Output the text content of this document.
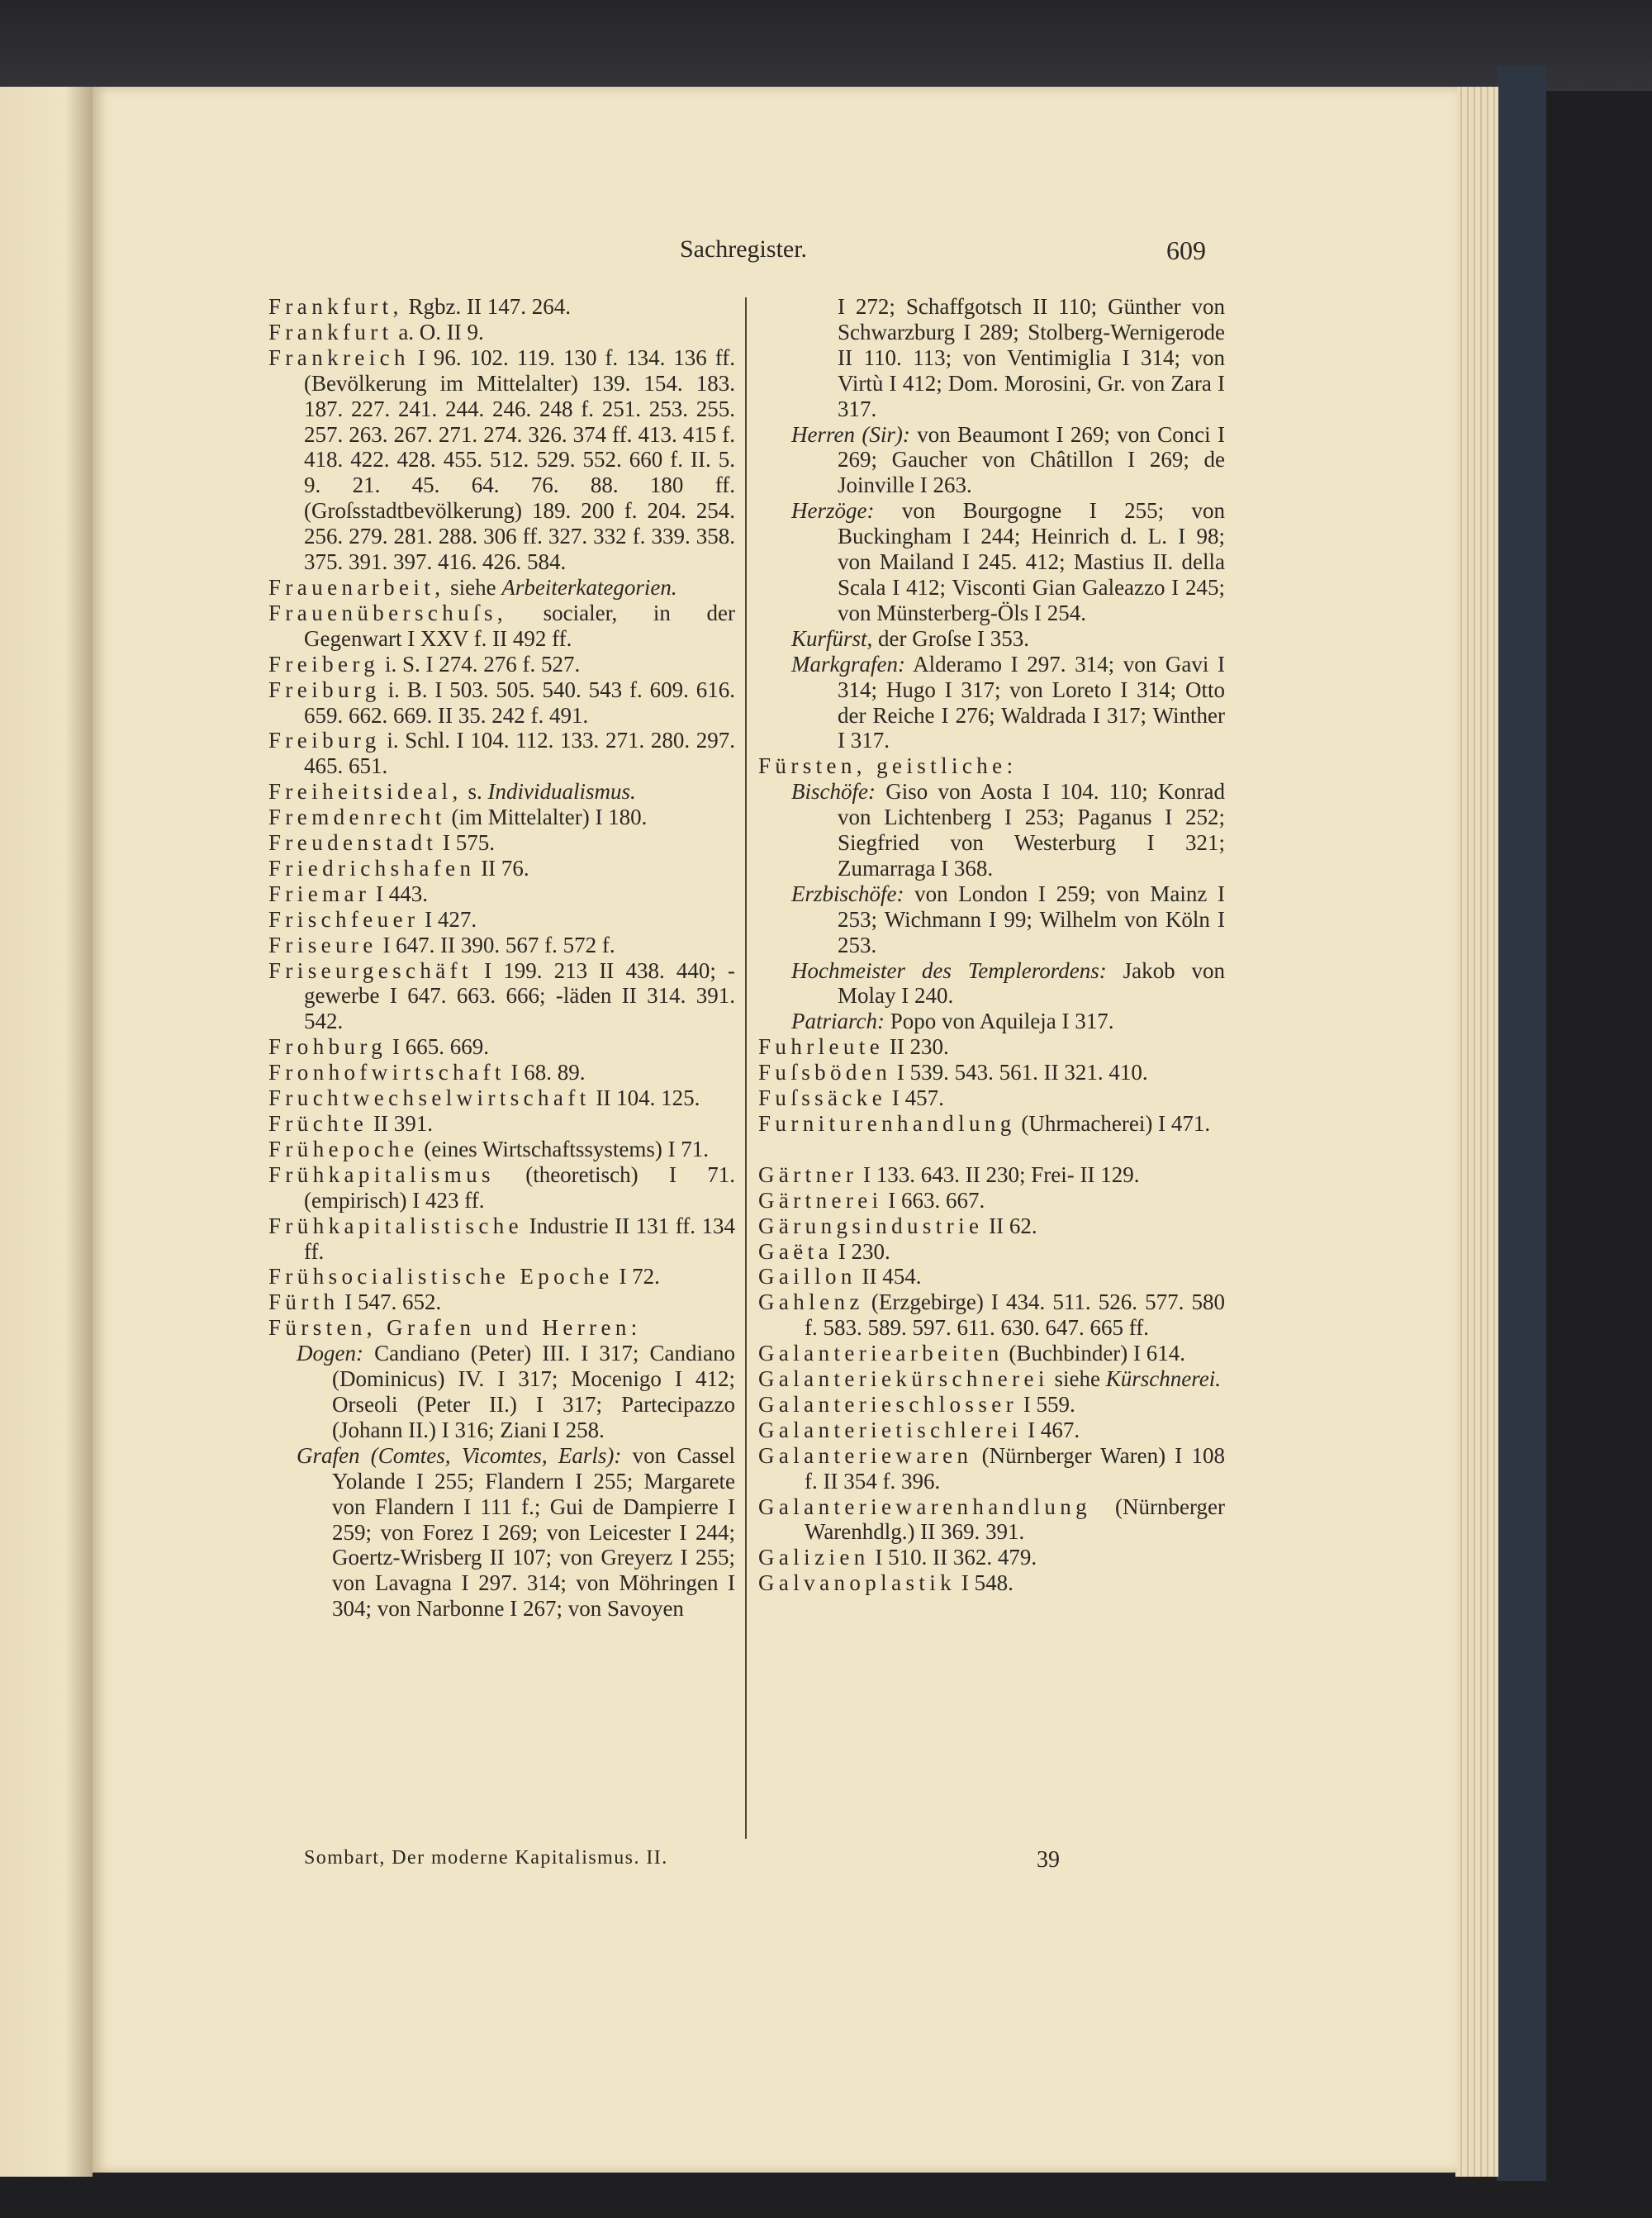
Sachregister.	609
Frankfurt, Rgbz. II 147. 264.
Frankfurt a. O. II 9.
Frankreich I 96. 102. 119. 130 f. 134. 136 ff. (Bevölkerung im Mittelalter) 139. 154. 183. 187. 227. 241. 244. 246. 248 f. 251. 253. 255. 257. 263. 267. 271. 274. 326. 374 ff. 413. 415 f. 418. 422. 428. 455. 512. 529. 552. 660 f. II. 5. 9. 21. 45. 64. 76. 88. 180 ff. (Groſsstadtbevölkerung) 189. 200 f. 204. 254. 256. 279. 281. 288. 306 ff. 327. 332 f. 339. 358. 375. 391. 397. 416. 426. 584.
Frauenarbeit, siehe Arbeiterkategorien.
Frauenüberschuſs, socialer, in der Gegenwart I XXV f. II 492 ff.
Freiberg i. S. I 274. 276 f. 527.
Freiburg i. B. I 503. 505. 540. 543 f. 609. 616. 659. 662. 669. II 35. 242 f. 491.
Freiburg i. Schl. I 104. 112. 133. 271. 280. 297. 465. 651.
Freiheitsideal, s. Individualismus.
Fremdenrecht (im Mittelalter) I 180.
Freudenstadt I 575.
Friedrichshafen II 76.
Friemar I 443.
Frischfeuer I 427.
Friseure I 647. II 390. 567 f. 572 f.
Friseurgeschäft I 199. 213 II 438. 440; -gewerbe I 647. 663. 666; -läden II 314. 391. 542.
Frohburg I 665. 669.
Fronhofwirtschaft I 68. 89.
Fruchtwechselwirtschaft II 104. 125.
Früchte II 391.
Frühepoche (eines Wirtschaftssystems) I 71.
Frühkapitalismus (theoretisch) I 71. (empirisch) I 423 ff.
Frühkapitalistische Industrie II 131 ff. 134 ff.
Frühsocialistische Epoche I 72.
Fürth I 547. 652.
Fürsten, Grafen und Herren:
Dogen: Candiano (Peter) III. I 317; Candiano (Dominicus) IV. I 317; Mocenigo I 412; Orseoli (Peter II.) I 317; Partecipazzo (Johann II.) I 316; Ziani I 258.
Grafen (Comtes, Vicomtes, Earls): von Cassel Yolande I 255; Flandern I 255; Margarete von Flandern I 111 f.; Gui de Dampierre I 259; von Forez I 269; von Leicester I 244; Goertz-Wrisberg II 107; von Greyerz I 255; von Lavagna I 297. 314; von Möhringen I 304; von Narbonne I 267; von Savoyen
I 272; Schaffgotsch II 110; Günther von Schwarzburg I 289; Stolberg-Wernigerode II 110. 113; von Ventimiglia I 314; von Virtù I 412; Dom. Morosini, Gr. von Zara I 317.
Herren (Sir): von Beaumont I 269; von Conci I 269; Gaucher von Châtillon I 269; de Joinville I 263.
Herzöge: von Bourgogne I 255; von Buckingham I 244; Heinrich d. L. I 98; von Mailand I 245. 412; Mastius II. della Scala I 412; Visconti Gian Galeazzo I 245; von Münsterberg-Öls I 254.
Kurfürst, der Groſse I 353.
Markgrafen: Alderamo I 297. 314; von Gavi I 314; Hugo I 317; von Loreto I 314; Otto der Reiche I 276; Waldrada I 317; Winther I 317.
Fürsten, geistliche:
Bischöfe: Giso von Aosta I 104. 110; Konrad von Lichtenberg I 253; Paganus I 252; Siegfried von Westerburg I 321; Zumarraga I 368.
Erzbischöfe: von London I 259; von Mainz I 253; Wichmann I 99; Wilhelm von Köln I 253.
Hochmeister des Templerordens: Jakob von Molay I 240.
Patriarch: Popo von Aquileja I 317.
Fuhrleute II 230.
Fuſsböden I 539. 543. 561. II 321. 410.
Fuſssäcke I 457.
Furniturenhandlung (Uhrmacherei) I 471.
Gärtner I 133. 643. II 230; Frei- II 129.
Gärtnerei I 663. 667.
Gärungsindustrie II 62.
Gaëta I 230.
Gaillon II 454.
Gahlenz (Erzgebirge) I 434. 511. 526. 577. 580 f. 583. 589. 597. 611. 630. 647. 665 ff.
Galanteriearbeiten (Buchbinder) I 614.
Galanteriekürschnerei siehe Kürschnerei.
Galanterieschlosser I 559.
Galanterietischlerei I 467.
Galanteriewaren (Nürnberger Waren) I 108 f. II 354 f. 396.
Galanteriewarenhandlung (Nürnberger Warenhdlg.) II 369. 391.
Galizien I 510. II 362. 479.
Galvanoplastik I 548.
Sombart, Der moderne Kapitalismus. II.	39
